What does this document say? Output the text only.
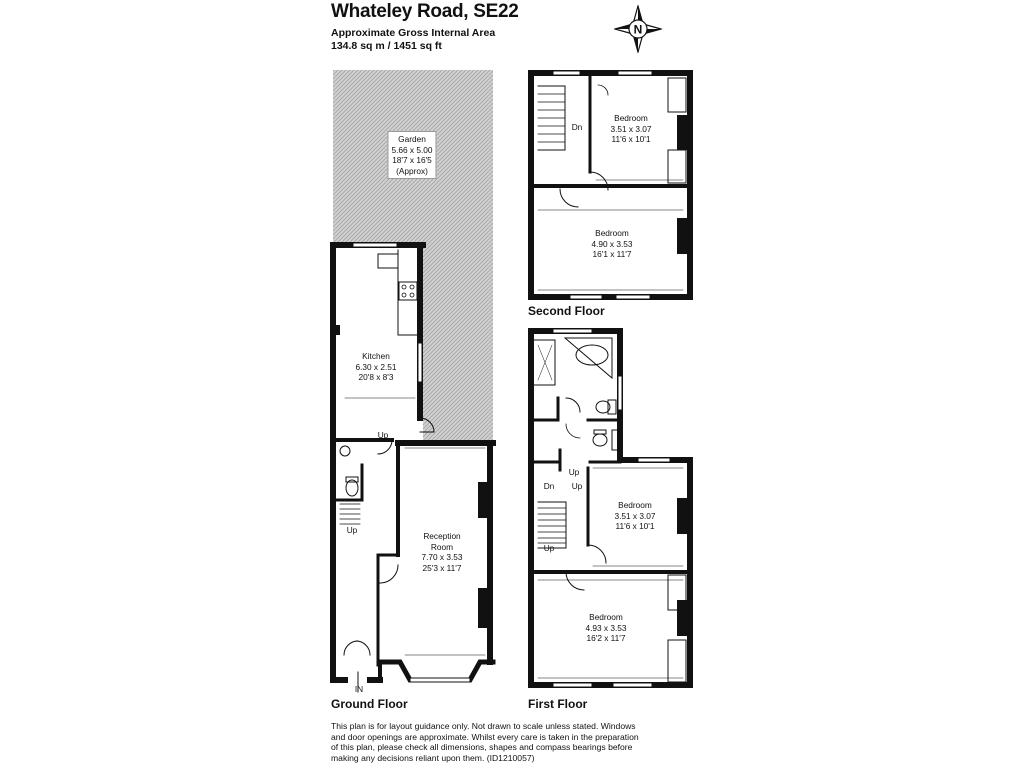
Whateley Road, SE22
Approximate Gross Internal Area
134.8 sq m / 1451 sq ft
N
Ground Floor	First Floor
Second Floor
Garden
5.66 x 5.00
18'7 x 16'5
(Approx)
Kitchen
6.30 x 2.51
20'8 x 8'3
Reception
Room
7.70 x 3.53
25'3 x 11'7
Bedroom
3.51 x 3.07
11'6 x 10'1
Bedroom
4.90 x 3.53
16'1 x 11'7
Bedroom
3.51 x 3.07
11'6 x 10'1
Bedroom
4.93 x 3.53
16'2 x 11'7
Up
Up
IN
Dn
Up
Dn Up
Up
This plan is for layout guidance only. Not drawn to scale unless stated. Windows
and door openings are approximate. Whilst every care is taken in the preparation
of this plan, please check all dimensions, shapes and compass bearings before
making any decisions reliant upon them. (ID1210057)
